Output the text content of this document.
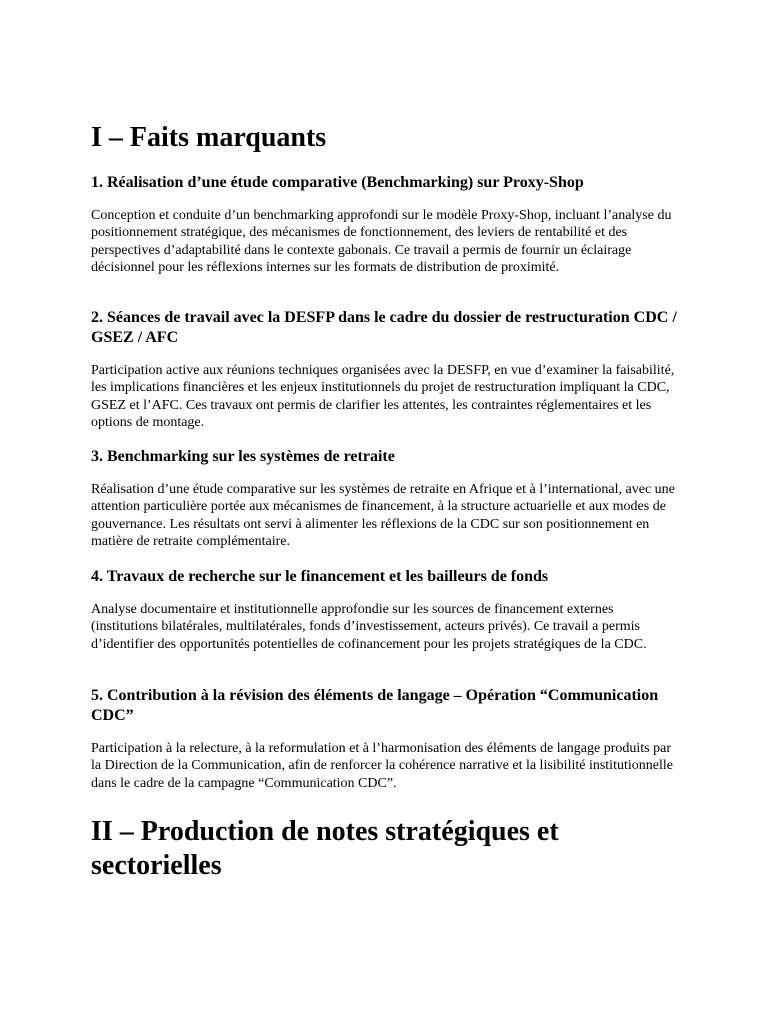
I – Faits marquants
1. Réalisation d’une étude comparative (Benchmarking) sur Proxy-Shop

Conception et conduite d’un benchmarking approfondi sur le modèle Proxy-Shop, incluant l’analyse du positionnement stratégique, des mécanismes de fonctionnement, des leviers de rentabilité et des perspectives d’adaptabilité dans le contexte gabonais. Ce travail a permis de fournir un éclairage décisionnel pour les réflexions internes sur les formats de distribution de proximité.

2. Séances de travail avec la DESFP dans le cadre du dossier de restructuration CDC / GSEZ / AFC

Participation active aux réunions techniques organisées avec la DESFP, en vue d’examiner la faisabilité, les implications financières et les enjeux institutionnels du projet de restructuration impliquant la CDC, GSEZ et l’AFC. Ces travaux ont permis de clarifier les attentes, les contraintes réglementaires et les options de montage.

3. Benchmarking sur les systèmes de retraite

Réalisation d’une étude comparative sur les systèmes de retraite en Afrique et à l’international, avec une attention particulière portée aux mécanismes de financement, à la structure actuarielle et aux modes de gouvernance. Les résultats ont servi à alimenter les réflexions de la CDC sur son positionnement en matière de retraite complémentaire.

4. Travaux de recherche sur le financement et les bailleurs de fonds

Analyse documentaire et institutionnelle approfondie sur les sources de financement externes (institutions bilatérales, multilatérales, fonds d’investissement, acteurs privés). Ce travail a permis d’identifier des opportunités potentielles de cofinancement pour les projets stratégiques de la CDC.

5. Contribution à la révision des éléments de langage – Opération “Communication CDC”

Participation à la relecture, à la reformulation et à l’harmonisation des éléments de langage produits par la Direction de la Communication, afin de renforcer la cohérence narrative et la lisibilité institutionnelle dans le cadre de la campagne “Communication CDC”.

II – Production de notes stratégiques et sectorielles
